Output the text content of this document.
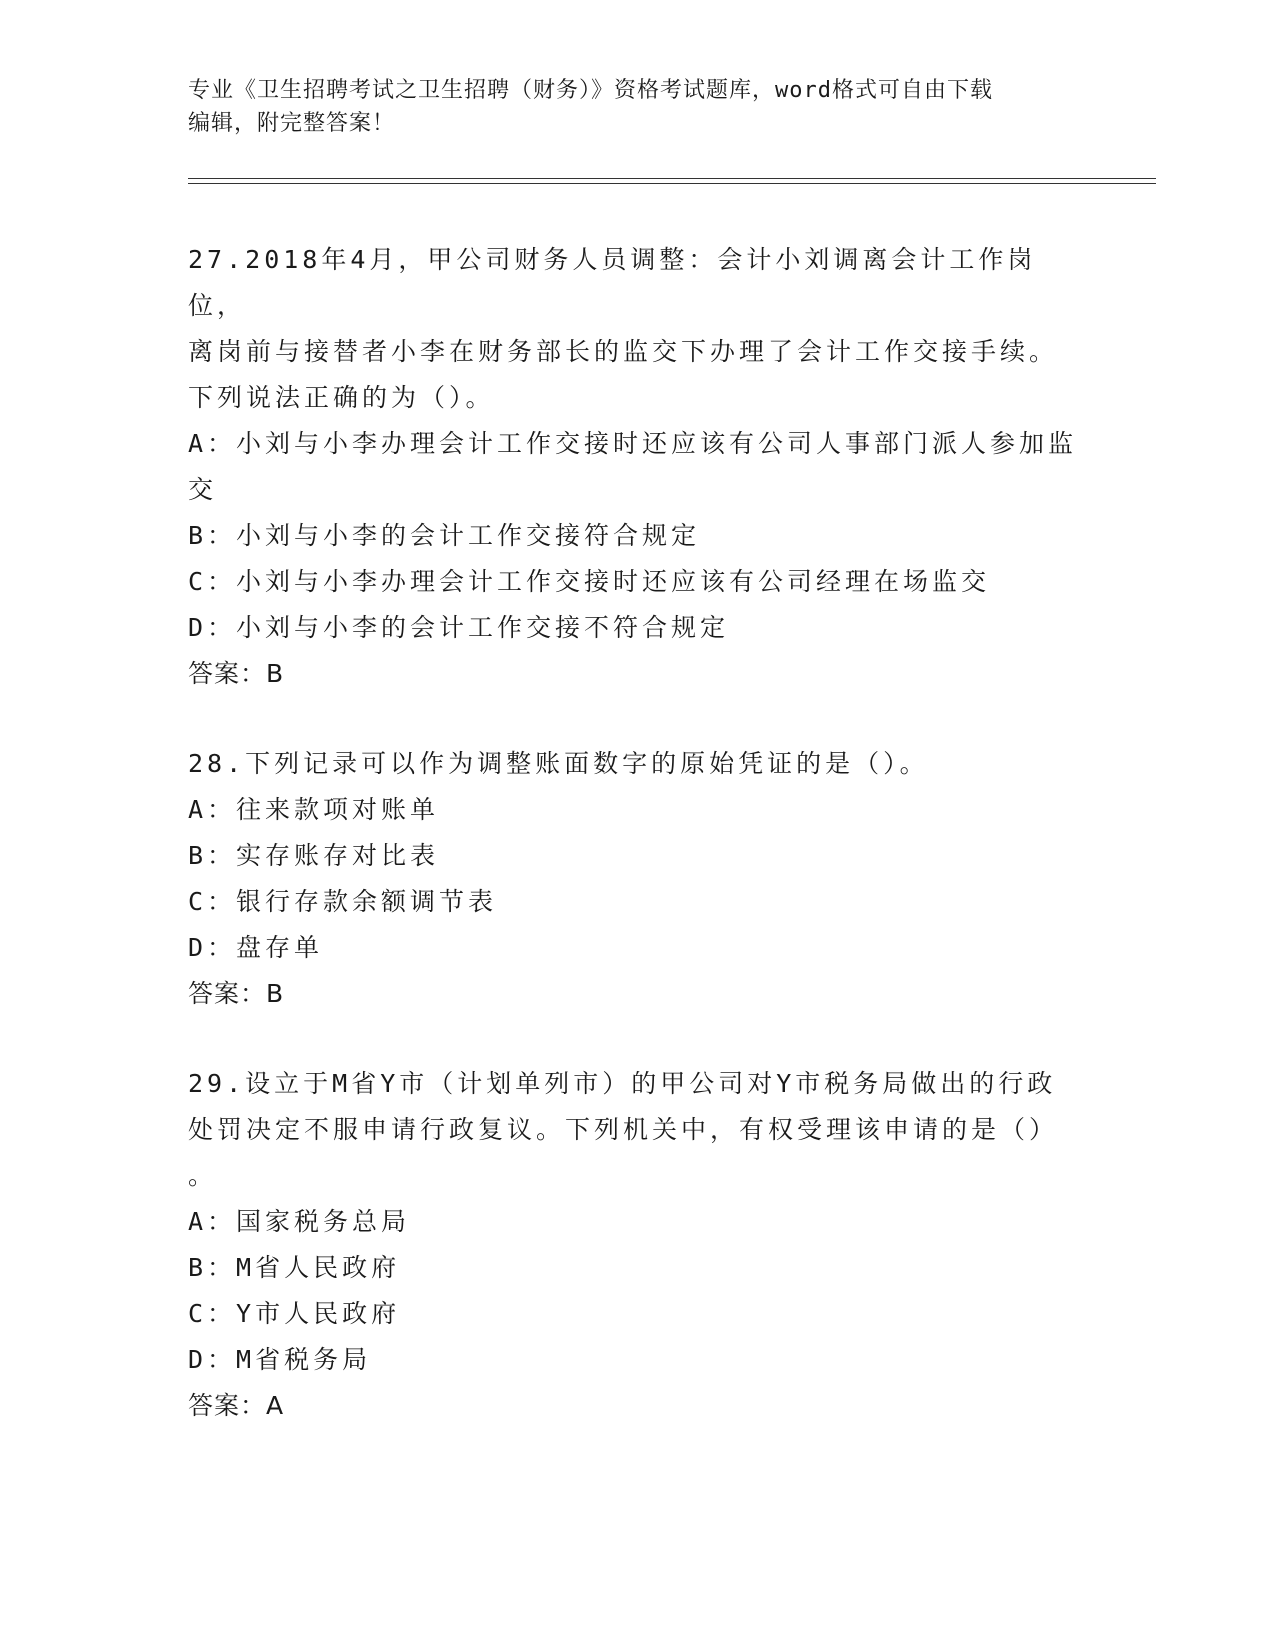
专业《卫生招聘考试之卫生招聘（财务）》资格考试题库，word格式可自由下载
编辑，附完整答案！
27.2018年4月，甲公司财务人员调整：会计小刘调离会计工作岗位，
离岗前与接替者小李在财务部长的监交下办理了会计工作交接手续。
下列说法正确的为（）。
A：小刘与小李办理会计工作交接时还应该有公司人事部门派人参加监
交
B：小刘与小李的会计工作交接符合规定
C：小刘与小李办理会计工作交接时还应该有公司经理在场监交
D：小刘与小李的会计工作交接不符合规定
答案：B
28.下列记录可以作为调整账面数字的原始凭证的是（）。
A：往来款项对账单
B：实存账存对比表
C：银行存款余额调节表
D：盘存单
答案：B
29.设立于M省Y市（计划单列市）的甲公司对Y市税务局做出的行政
处罚决定不服申请行政复议。下列机关中，有权受理该申请的是（）
。
A：国家税务总局
B：M省人民政府
C：Y市人民政府
D：M省税务局
答案：A
